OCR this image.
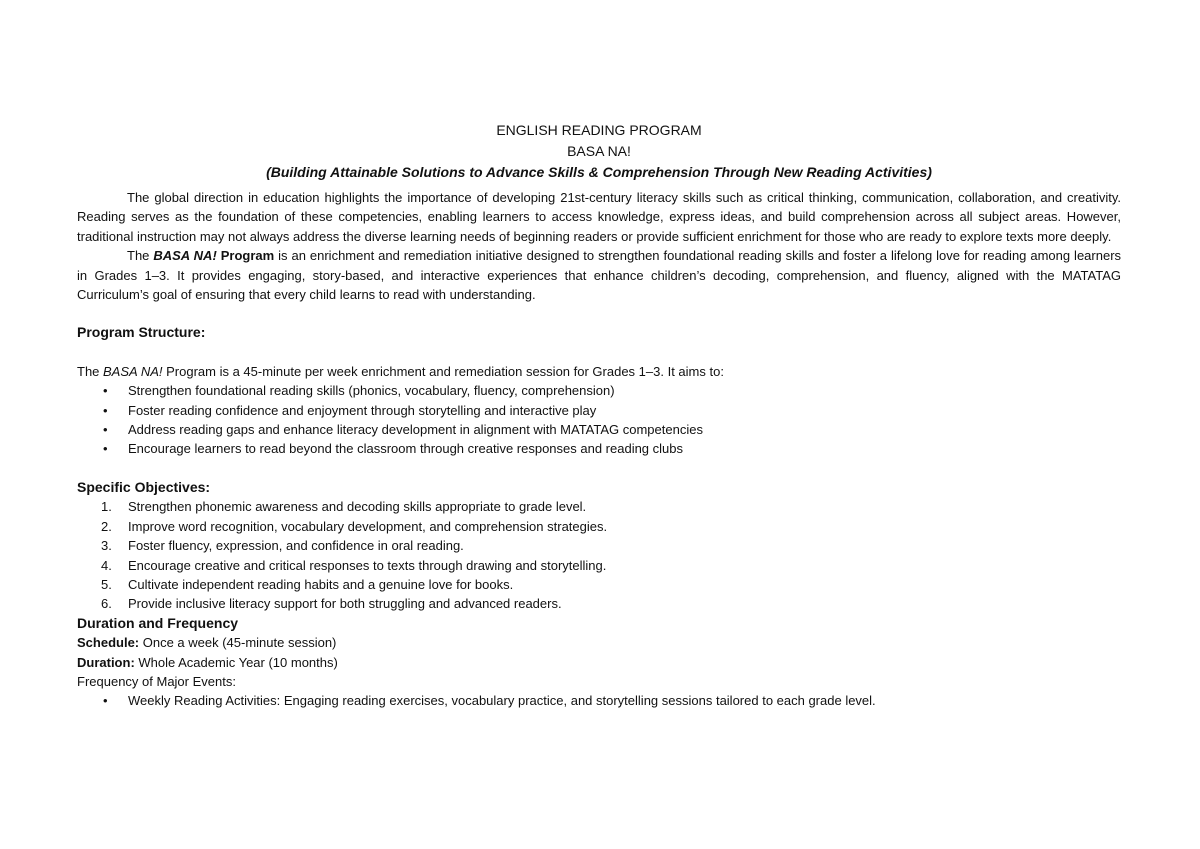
ENGLISH READING PROGRAM
BASA NA!
(Building Attainable Solutions to Advance Skills & Comprehension Through New Reading Activities)

The global direction in education highlights the importance of developing 21st-century literacy skills such as critical thinking, communication, collaboration, and creativity. Reading serves as the foundation of these competencies, enabling learners to access knowledge, express ideas, and build comprehension across all subject areas. However, traditional instruction may not always address the diverse learning needs of beginning readers or provide sufficient enrichment for those who are ready to explore texts more deeply.

The BASA NA! Program is an enrichment and remediation initiative designed to strengthen foundational reading skills and foster a lifelong love for reading among learners in Grades 1–3. It provides engaging, story-based, and interactive experiences that enhance children’s decoding, comprehension, and fluency, aligned with the MATATAG Curriculum’s goal of ensuring that every child learns to read with understanding.

Program Structure:
The BASA NA! Program is a 45-minute per week enrichment and remediation session for Grades 1–3. It aims to:
• Strengthen foundational reading skills (phonics, vocabulary, fluency, comprehension)
• Foster reading confidence and enjoyment through storytelling and interactive play
• Address reading gaps and enhance literacy development in alignment with MATATAG competencies
• Encourage learners to read beyond the classroom through creative responses and reading clubs
Specific Objectives:
1. Strengthen phonemic awareness and decoding skills appropriate to grade level.
2. Improve word recognition, vocabulary development, and comprehension strategies.
3. Foster fluency, expression, and confidence in oral reading.
4. Encourage creative and critical responses to texts through drawing and storytelling.
5. Cultivate independent reading habits and a genuine love for books.
6. Provide inclusive literacy support for both struggling and advanced readers.
Duration and Frequency
Schedule: Once a week (45-minute session)
Duration: Whole Academic Year (10 months)
Frequency of Major Events:
• Weekly Reading Activities: Engaging reading exercises, vocabulary practice, and storytelling sessions tailored to each grade level.
